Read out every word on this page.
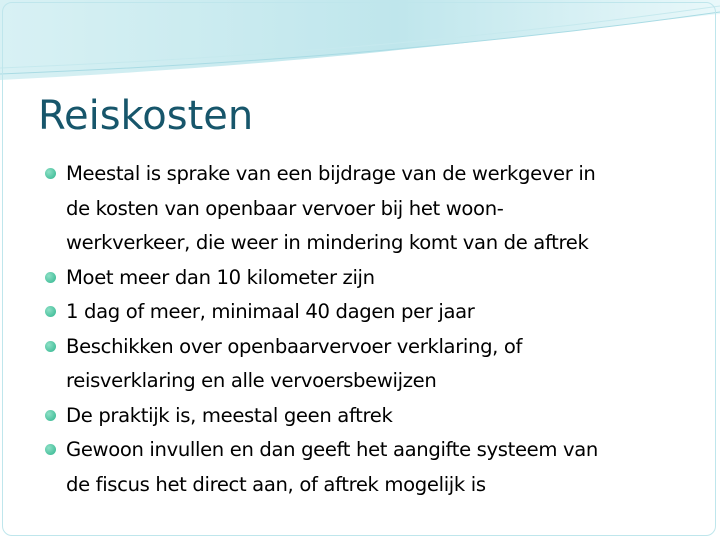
Reiskosten
Meestal is sprake van een bijdrage van de werkgever in
de kosten van openbaar vervoer bij het woon-
werkverkeer, die weer in mindering komt van de aftrek
Moet meer dan 10 kilometer zijn
1 dag of meer, minimaal 40 dagen per jaar
Beschikken over openbaarvervoer verklaring, of
reisverklaring en alle vervoersbewijzen
De praktijk is, meestal geen aftrek
Gewoon invullen en dan geeft het aangifte systeem van
de fiscus het direct aan, of aftrek mogelijk is
